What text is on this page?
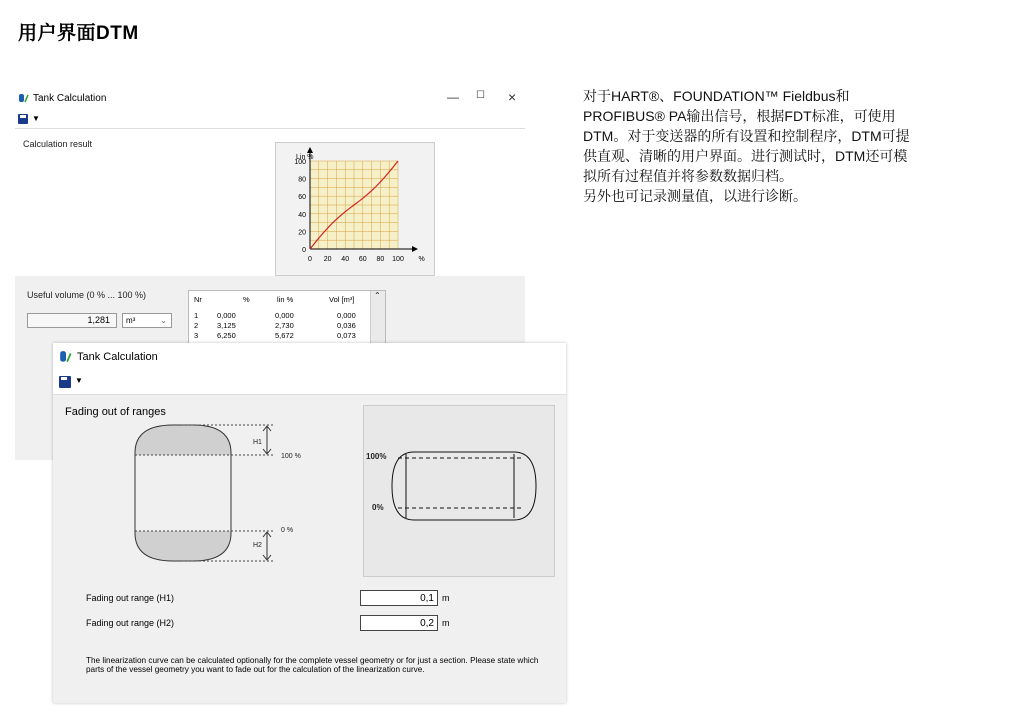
用户界面DTM
Tank Calculation	— ☐ ×
▼
Calculation result
Lin %
100
80
60
40
20
0
0 20 40 60 80 100 %
Useful volume (0 % ... 100 %)
1,281	m³	⌄
Nr	%	lin %	Vol [m³]
1	0,000	0,000	0,000
2	3,125	2,730	0,036
3	6,250	5,672	0,073
⌃
Tank Calculation
▼
Fading out of ranges
H1
100 %
0 %
H2
100%
0%
Fading out range (H1)
0,1	m
Fading out range (H2)
0,2	m
The linearization curve can be calculated optionally for the complete vessel geometry or for just a section. Please state which parts of the vessel geometry you want to fade out for the calculation of the linearization curve.

对于HART®、FOUNDATION™ Fieldbus和
PROFIBUS® PA输出信号，根据FDT标准，可使用
DTM。对于变送器的所有设置和控制程序，DTM可提
供直观、清晰的用户界面。进行测试时，DTM还可模
拟所有过程值并将参数数据归档。

另外也可记录测量值，以进行诊断。
